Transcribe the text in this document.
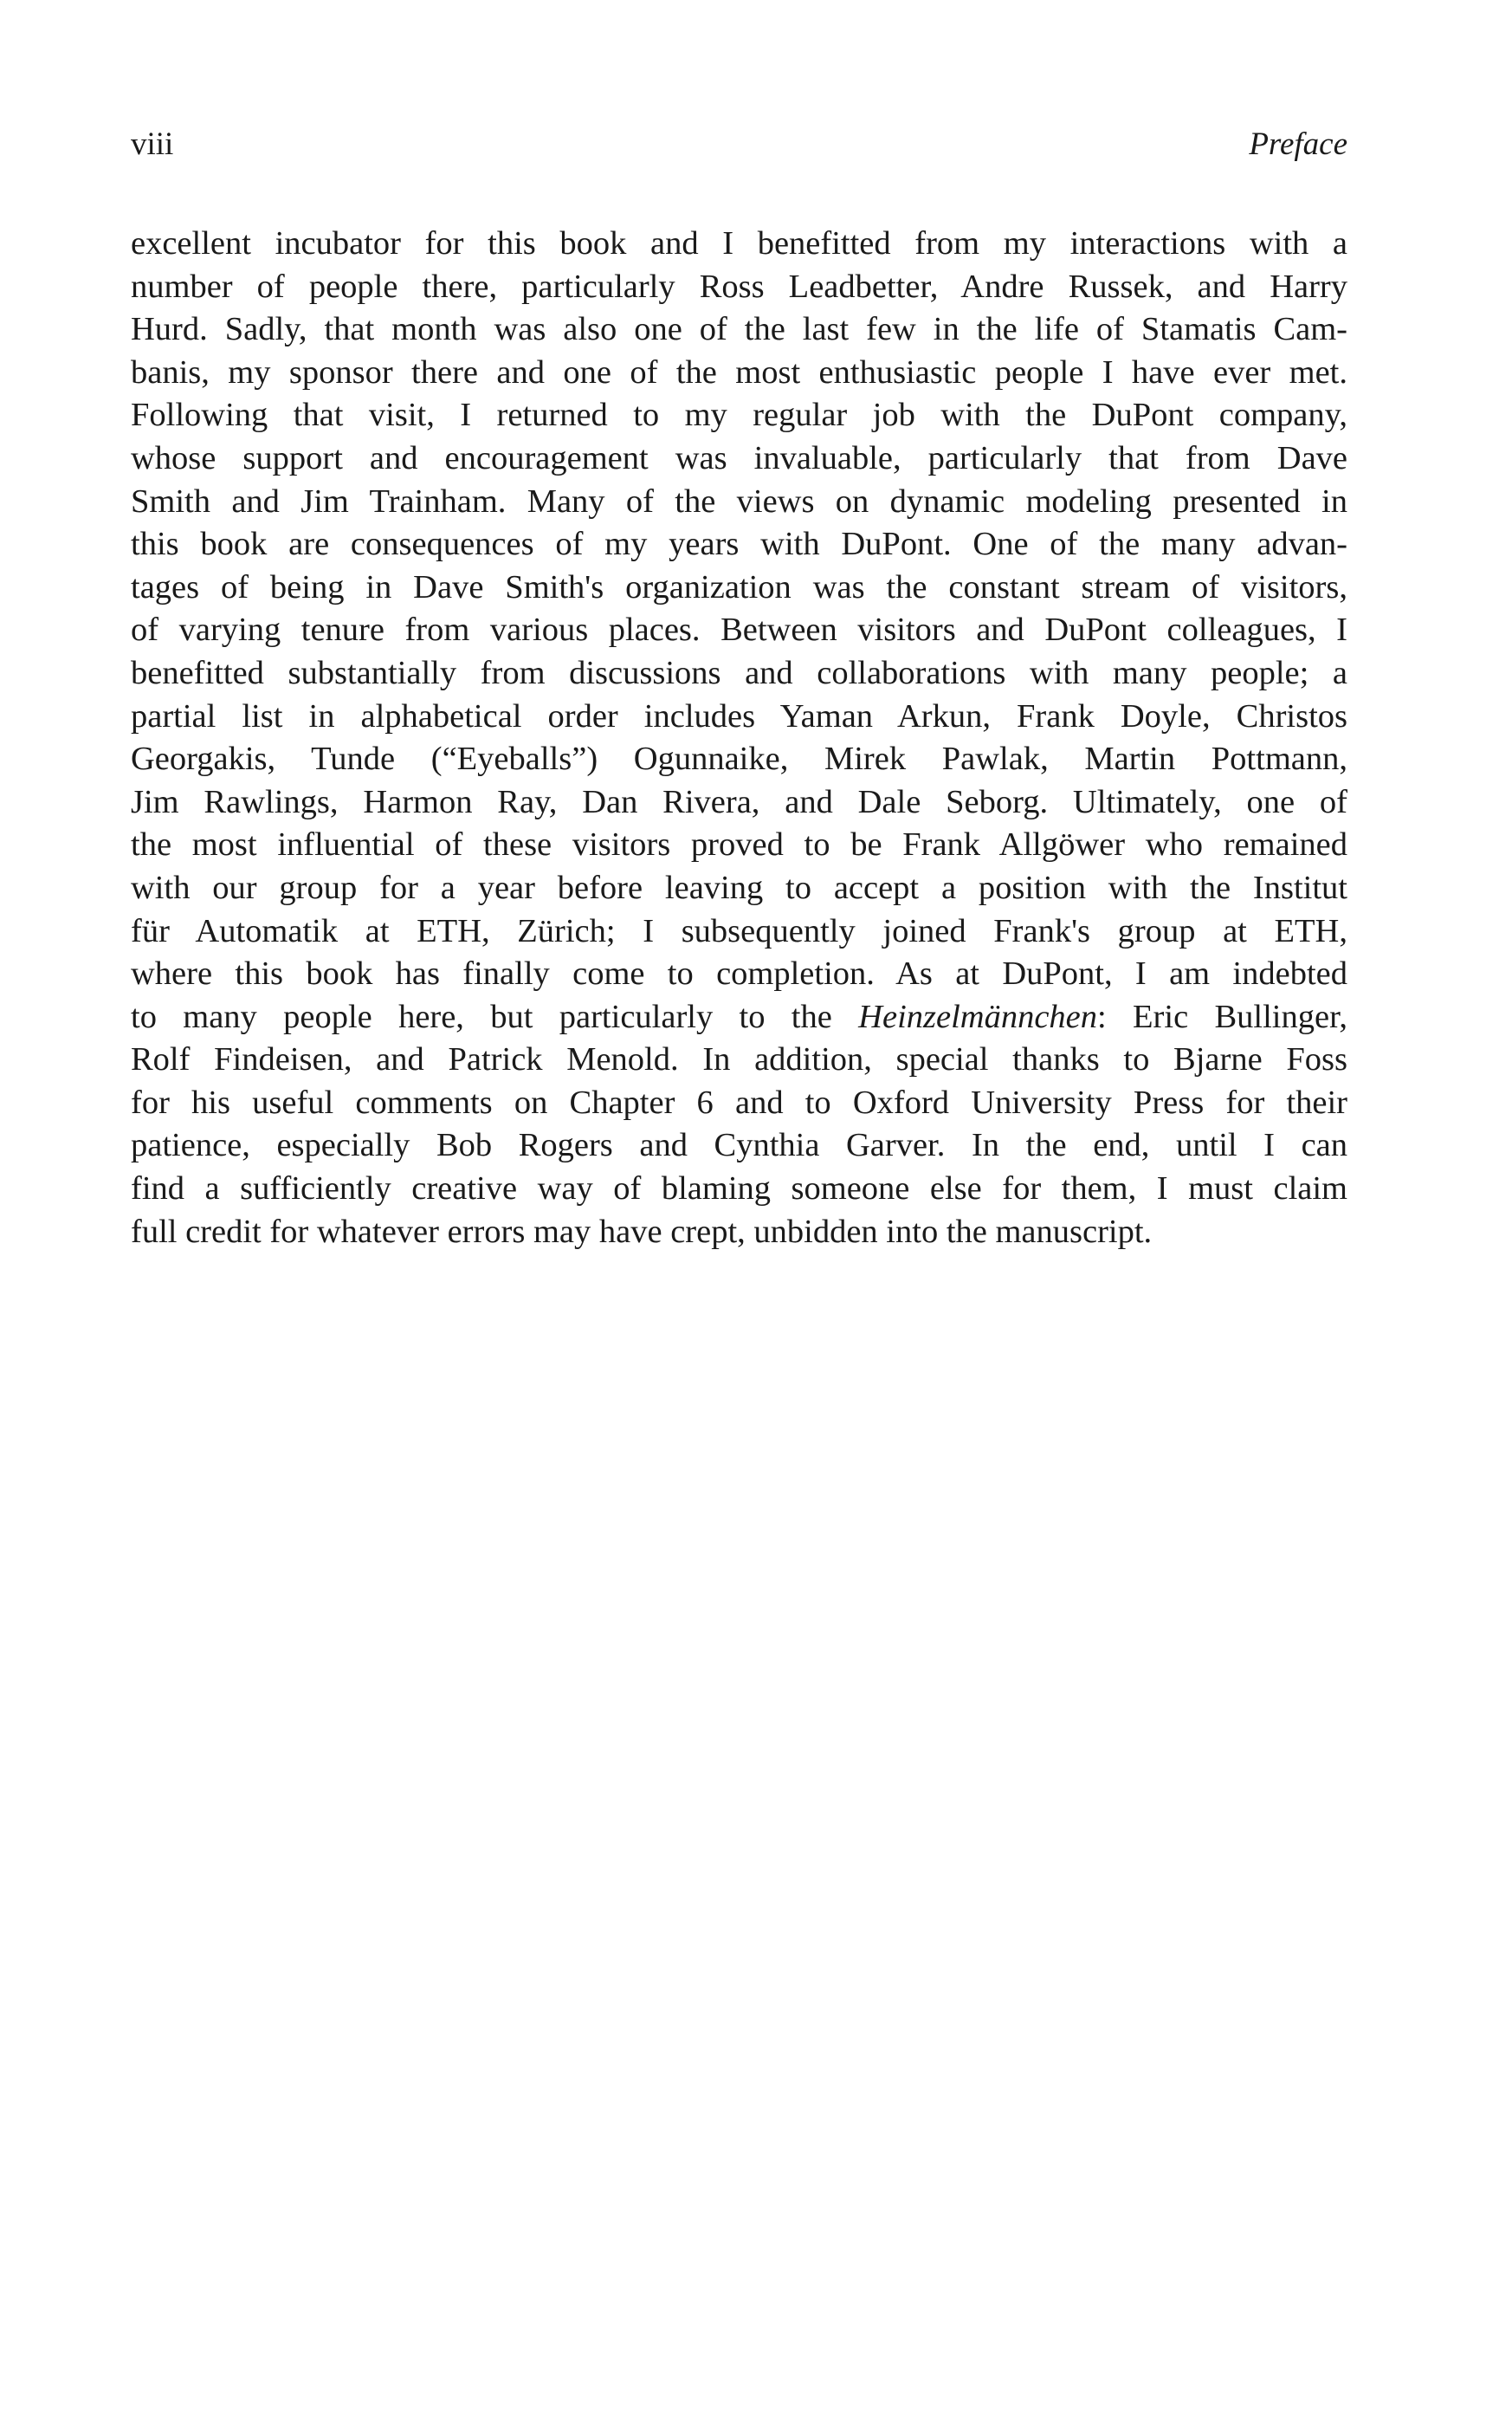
viii	Preface
excellent incubator for this book and I benefitted from my interactions with a
number of people there, particularly Ross Leadbetter, Andre Russek, and Harry
Hurd. Sadly, that month was also one of the last few in the life of Stamatis Cam-
banis, my sponsor there and one of the most enthusiastic people I have ever met.
Following that visit, I returned to my regular job with the DuPont company,
whose support and encouragement was invaluable, particularly that from Dave
Smith and Jim Trainham. Many of the views on dynamic modeling presented in
this book are consequences of my years with DuPont. One of the many advan-
tages of being in Dave Smith's organization was the constant stream of visitors,
of varying tenure from various places. Between visitors and DuPont colleagues, I
benefitted substantially from discussions and collaborations with many people; a
partial list in alphabetical order includes Yaman Arkun, Frank Doyle, Christos
Georgakis, Tunde (“Eyeballs”) Ogunnaike, Mirek Pawlak, Martin Pottmann,
Jim Rawlings, Harmon Ray, Dan Rivera, and Dale Seborg. Ultimately, one of
the most influential of these visitors proved to be Frank Allgöwer who remained
with our group for a year before leaving to accept a position with the Institut
für Automatik at ETH, Zürich; I subsequently joined Frank's group at ETH,
where this book has finally come to completion. As at DuPont, I am indebted
to many people here, but particularly to the Heinzelmännchen: Eric Bullinger,
Rolf Findeisen, and Patrick Menold. In addition, special thanks to Bjarne Foss
for his useful comments on Chapter 6 and to Oxford University Press for their
patience, especially Bob Rogers and Cynthia Garver. In the end, until I can
find a sufficiently creative way of blaming someone else for them, I must claim
full credit for whatever errors may have crept, unbidden into the manuscript.
